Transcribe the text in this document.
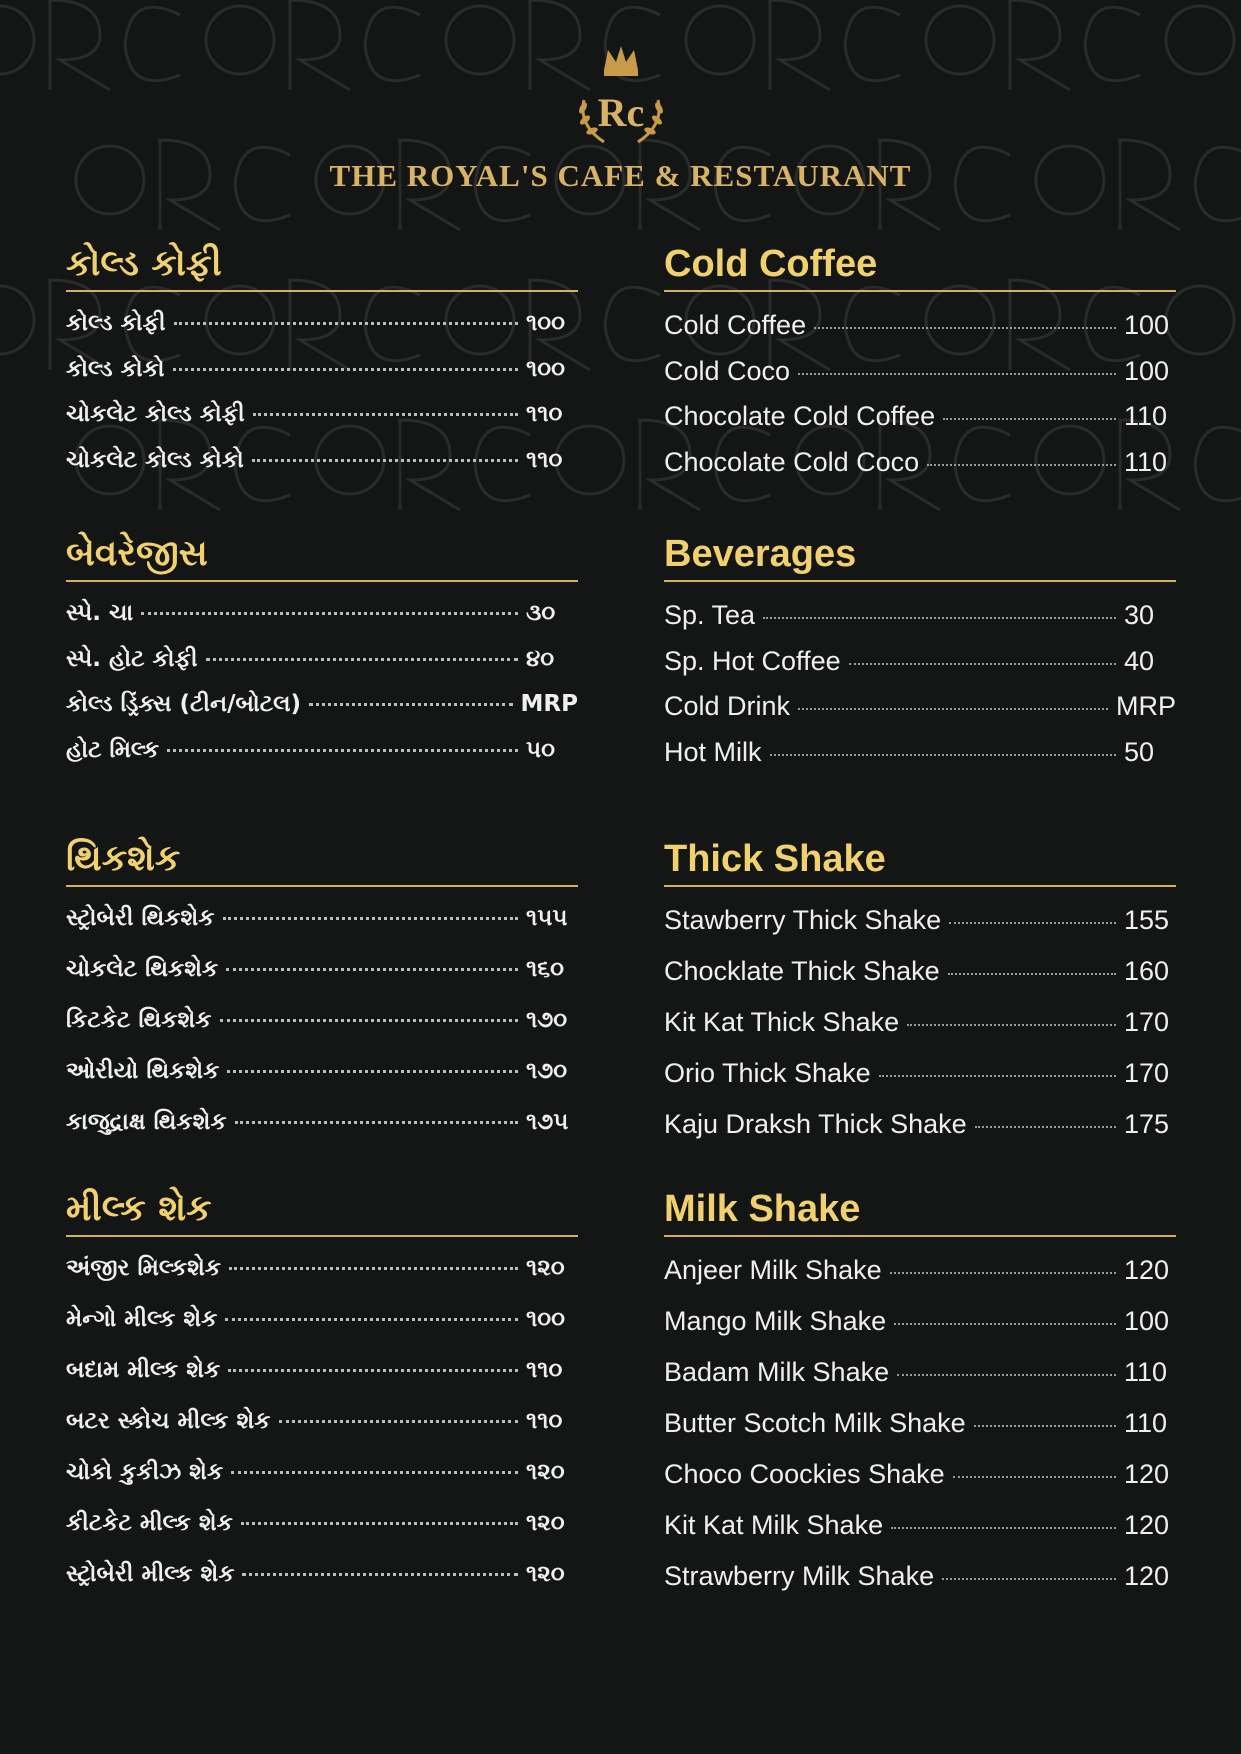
Rc
THE ROYAL'S CAFE & RESTAURANT
કોલ્ડ કોફી
કોલ્ડ કોફી	૧૦૦
કોલ્ડ કોકો	૧૦૦
ચોકલેટ કોલ્ડ કોફી	૧૧૦
ચોકલેટ કોલ્ડ કોકો	૧૧૦
બેવરેજીસ
સ્પે. ચા	૩૦
સ્પે. હોટ કોફી	૪૦
કોલ્ડ ડ્રિંક્સ (ટીન/બોટલ)	MRP
હોટ મિલ્ક	૫૦
થિકશેક
સ્ટ્રોબેરી થિકશેક	૧૫૫
ચોકલેટ થિકશેક	૧૬૦
કિટકેટ થિકશેક	૧૭૦
ઓરીયો થિકશેક	૧૭૦
કાજુદ્રાક્ષ થિકશેક	૧૭૫
મીલ્ક શેક
અંજીર મિલ્કશેક	૧૨૦
મેન્ગો મીલ્ક શેક	૧૦૦
બદામ મીલ્ક શેક	૧૧૦
બટર સ્કોચ મીલ્ક શેક	૧૧૦
ચોકો કુકીઝ શેક	૧૨૦
કીટકેટ મીલ્ક શેક	૧૨૦
સ્ટ્રોબેરી મીલ્ક શેક	૧૨૦
Cold Coffee
Cold Coffee	100
Cold Coco	100
Chocolate Cold Coffee	110
Chocolate Cold Coco	110
Beverages
Sp. Tea	30
Sp. Hot Coffee	40
Cold Drink	MRP
Hot Milk	50
Thick Shake
Stawberry Thick Shake	155
Chocklate Thick Shake	160
Kit Kat Thick Shake	170
Orio Thick Shake	170
Kaju Draksh Thick Shake	175
Milk Shake
Anjeer Milk Shake	120
Mango Milk Shake	100
Badam Milk Shake	110
Butter Scotch Milk Shake	110
Choco Coockies Shake	120
Kit Kat Milk Shake	120
Strawberry Milk Shake	120
